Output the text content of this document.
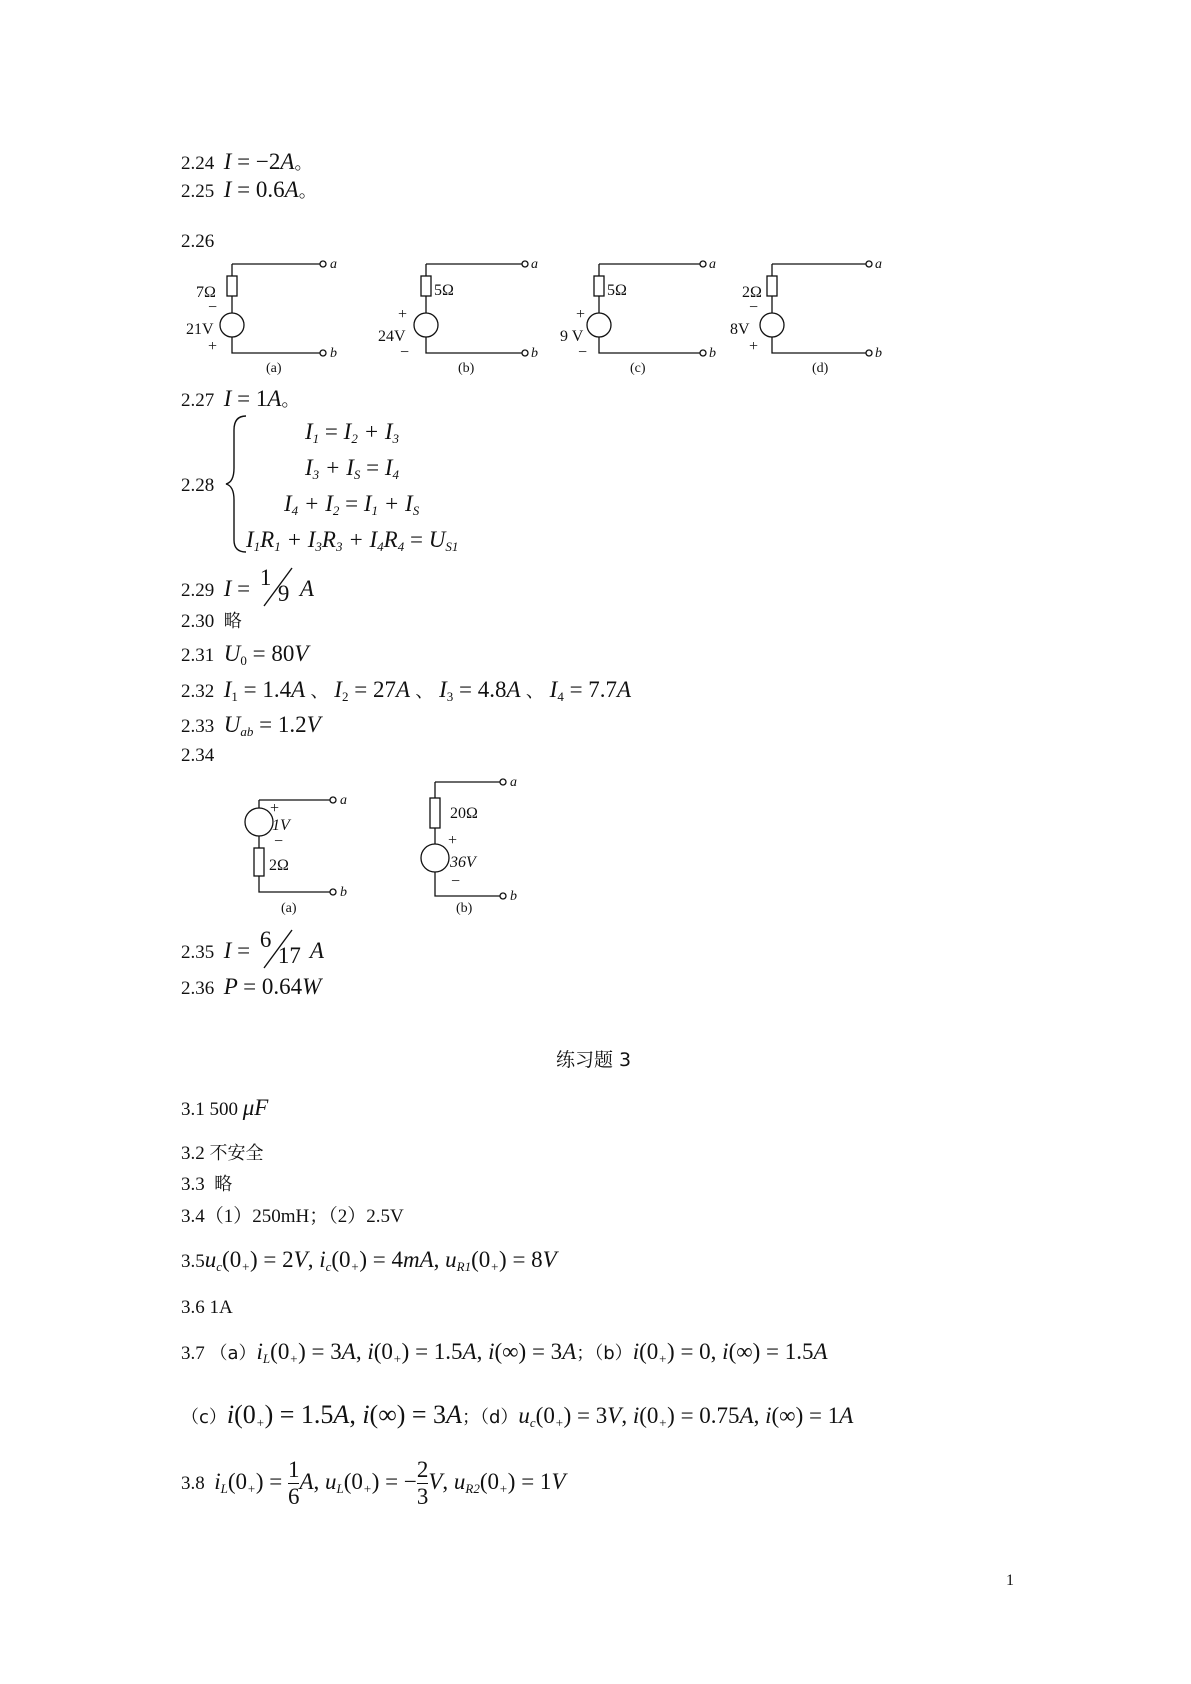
2.24 I = −2A。
2.25 I = 0.6A。
2.26
7Ω
−
21V
+
(a)
5Ω
+
24V
−
(b)
5Ω
+
9 V
−
(c)
2Ω
−
8V
+
(d)
a
b
a
b
a
b
a
b
2.27 I = 1A。
2.28
$I_1 = I_2 + I_3$
$I_3 + I_S = I_4$
$I_4 + I_2 = I_1 + I_S$
$I_1R_1 + I_3R_3 + I_4R_4 = U_{S1}$
2.29 I = 1
9 A
2.30 略
2.31 $U_0 = 80V$
2.32 $I_1 = 1.4A$ 、 $I_2 = 27A$ 、 $I_3 = 4.8A$ 、 $I_4 = 7.7A$
2.33 $U_{ab} = 1.2V$
2.34
+
1V
−
2Ω
(a)
20Ω
+
36V
−
(b)
a
b
a
b
2.35 I = 6
17 A
2.36 P = 0.64W
练习题 3
3.1 500 μF
3.2 不安全
3.3 略
3.4（1）250mH；（2）2.5V
$3.5u_c(0_+) = 2V$, $i_c(0_+) = 4mA$, $u_{R1}(0_+) = 8V$
3.6 1A
3.7 $(a)i_L(0_+) = 3A$, $i(0_+) = 1.5A$, i(∞) = 3A；$(b)i(0_+) = 0$, i(∞) = 1.5A
$(c)i(0_+) = 1.5A$, i(∞) = 3A；$(d)u_c(0_+) = 3V$, $i(0_+) = 0.75A$, i(∞) = 1A
3.8 $i_L(0_+) = \frac{1}{6}A$, $u_L(0_+) = -\frac{2}{3}V$, $u_{R2}(0_+) = 1V$
1
